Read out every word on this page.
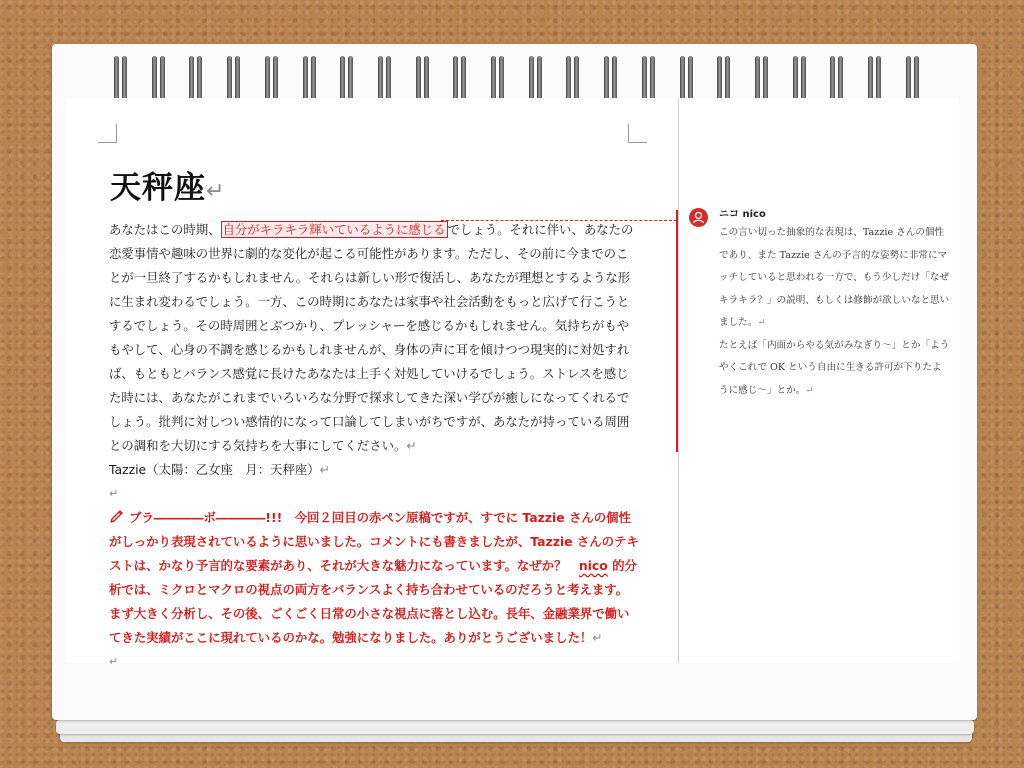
天秤座↵
あなたはこの時期、 自分がキラキラ輝いているように感じる でしょう。それに伴い、あなたの恋愛事情や趣味の世界に劇的な変化が起こる可能性があります。ただし、その前に今までのことが一旦終了するかもしれません。それらは新しい形で復活し、あなたが理想とするような形に生まれ変わるでしょう。一方、この時期にあなたは家事や社会活動をもっと広げて行こうとするでしょう。その時周囲とぶつかり、プレッシャーを感じるかもしれません。気持ちがもやもやして、心身の不調を感じるかもしれませんが、身体の声に耳を傾けつつ現実的に対処すれば、もともとバランス感覚に長けたあなたは上手く対処していけるでしょう。ストレスを感じた時には、あなたがこれまでいろいろな分野で探求してきた深い学びが癒しになってくれるでしょう。批判に対しつい感情的になって口論してしまいがちですが、あなたが持っている周囲との調和を大切にする気持ちを大事にしてください。↵
Tazzie（太陽：乙女座　月：天秤座）↵
↵
ブラ――――ボ――――!!!　今回２回目の赤ペン原稿ですが、すでに Tazzie さんの個性がしっかり表現されているように思いました。コメントにも書きましたが、Tazzie さんのテキストは、かなり予言的な要素があり、それが大きな魅力になっています。なぜか？　nico 的分析では、ミクロとマクロの視点の両方をバランスよく持ち合わせているのだろうと考えます。まず大きく分析し、その後、ごくごく日常の小さな視点に落とし込む。長年、金融業界で働いてきた実績がここに現れているのかな。勉強になりました。ありがとうございました！↵
↵
ニコ nico
この言い切った抽象的な表現は、Tazzie さんの個性であり、また Tazzie さんの予言的な姿勢に非常にマッチしていると思われる一方で、もう少しだけ「なぜキラキラ？」の説明、もしくは修飾が欲しいなと思いました。↵
たとえば「内面からやる気がみなぎり～」とか「ようやくこれで OK という自由に生きる許可が下りたように感じ～」とか。↵
